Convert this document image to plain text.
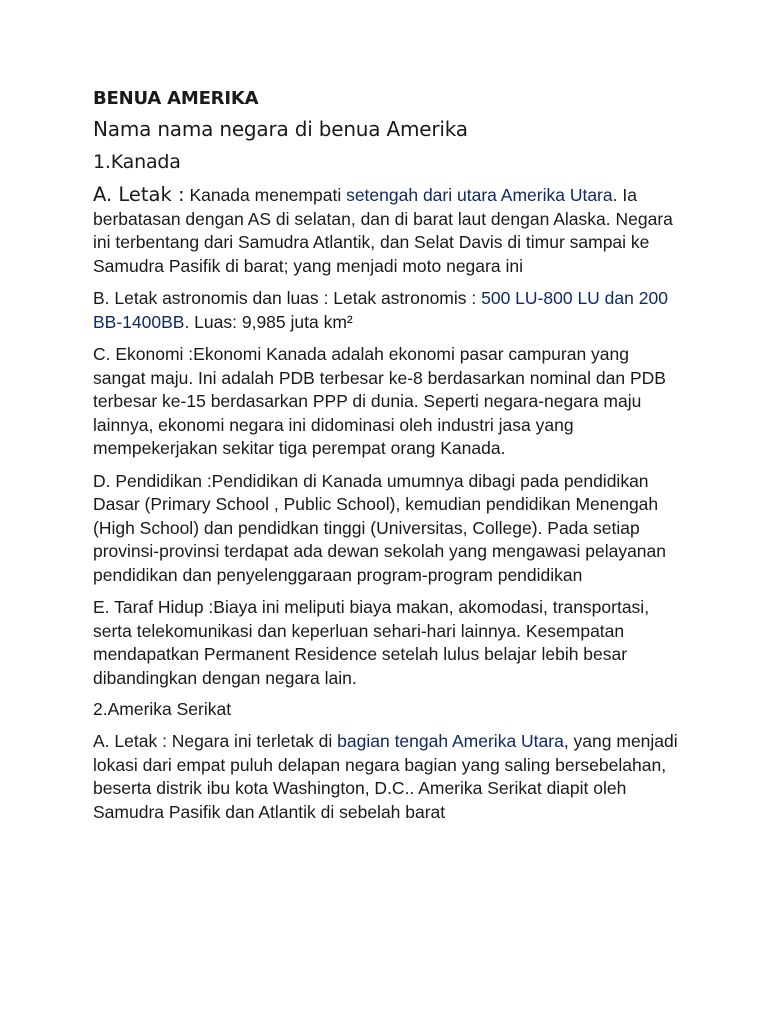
BENUA AMERIKA
Nama nama negara di benua Amerika
1.Kanada

A. Letak : Kanada menempati setengah dari utara Amerika Utara. Ia berbatasan dengan AS di selatan, dan di barat laut dengan Alaska. Negara ini terbentang dari Samudra Atlantik, dan Selat Davis di timur sampai ke Samudra Pasifik di barat; yang menjadi moto negara ini

B. Letak astronomis dan luas : Letak astronomis : 500 LU-800 LU dan 200 BB-1400BB. Luas: 9,985 juta km²

C. Ekonomi :Ekonomi Kanada adalah ekonomi pasar campuran yang sangat maju. Ini adalah PDB terbesar ke-8 berdasarkan nominal dan PDB terbesar ke-15 berdasarkan PPP di dunia. Seperti negara-negara maju lainnya, ekonomi negara ini didominasi oleh industri jasa yang mempekerjakan sekitar tiga perempat orang Kanada.

D. Pendidikan :Pendidikan di Kanada umumnya dibagi pada pendidikan Dasar (Primary School , Public School), kemudian pendidikan Menengah (High School) dan pendidkan tinggi (Universitas, College). Pada setiap provinsi-provinsi terdapat ada dewan sekolah yang mengawasi pelayanan pendidikan dan penyelenggaraan program-program pendidikan

E. Taraf Hidup :Biaya ini meliputi biaya makan, akomodasi, transportasi, serta telekomunikasi dan keperluan sehari-hari lainnya. Kesempatan mendapatkan Permanent Residence setelah lulus belajar lebih besar dibandingkan dengan negara lain.

2.Amerika Serikat

A. Letak : Negara ini terletak di bagian tengah Amerika Utara, yang menjadi lokasi dari empat puluh delapan negara bagian yang saling bersebelahan, beserta distrik ibu kota Washington, D.C.. Amerika Serikat diapit oleh Samudra Pasifik dan Atlantik di sebelah barat
